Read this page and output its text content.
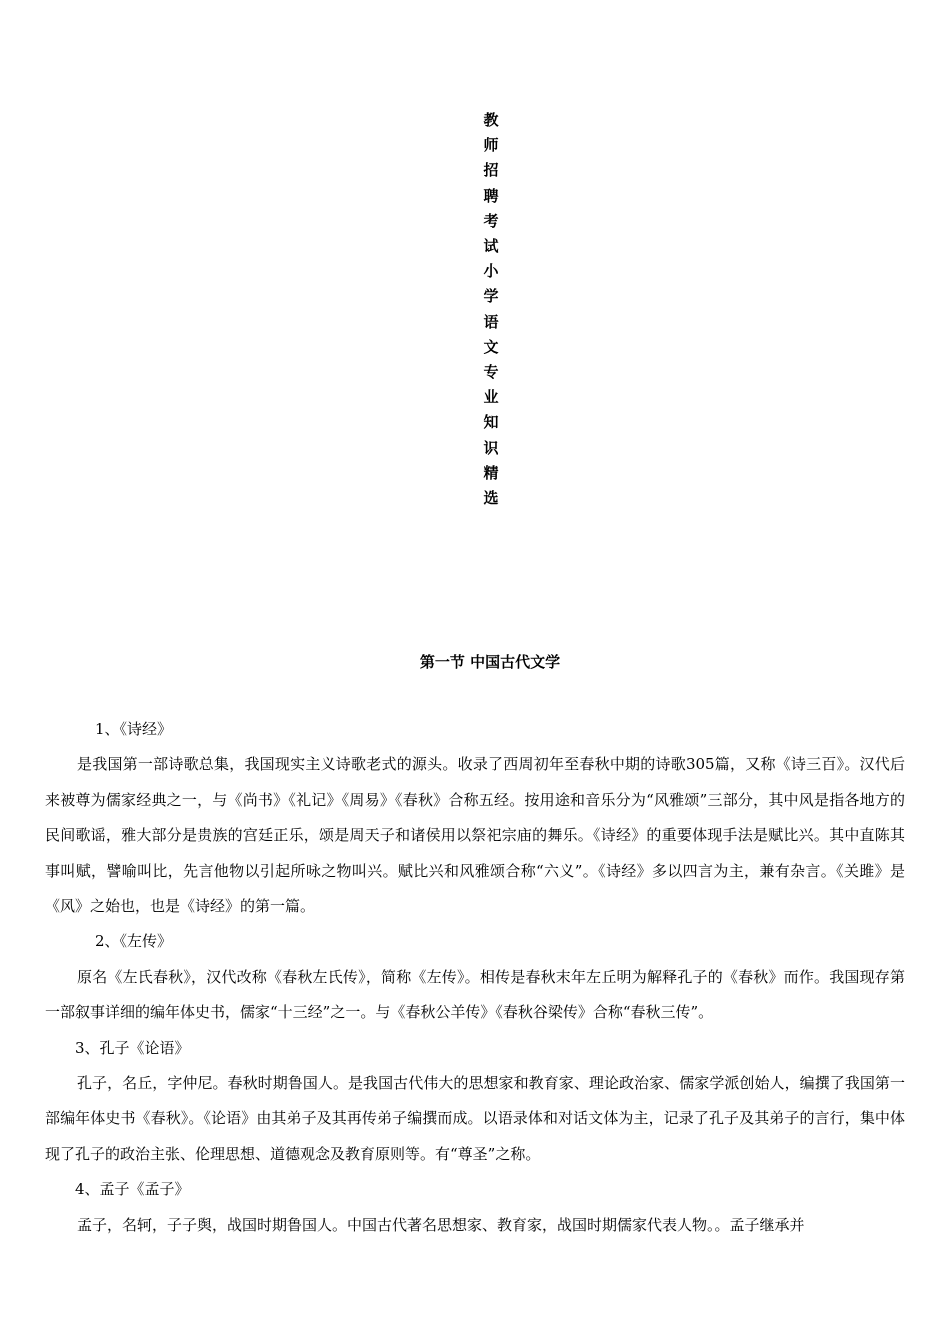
教师招聘考试小学语文专业知识精选
第一节 中国古代文学

1、《诗经》

是我国第一部诗歌总集，我国现实主义诗歌老式的源头。收录了西周初年至春秋中期的诗歌305篇，又称《诗三百》。汉代后来被尊为儒家经典之一，与《尚书》《礼记》《周易》《春秋》合称五经。按用途和音乐分为“风雅颂”三部分，其中风是指各地方的民间歌谣，雅大部分是贵族的宫廷正乐，颂是周天子和诸侯用以祭祀宗庙的舞乐。《诗经》的重要体现手法是赋比兴。其中直陈其事叫赋，譬喻叫比，先言他物以引起所咏之物叫兴。赋比兴和风雅颂合称“六义”。《诗经》多以四言为主，兼有杂言。《关雎》是《风》之始也，也是《诗经》的第一篇。

2、《左传》

原名《左氏春秋》，汉代改称《春秋左氏传》，简称《左传》。相传是春秋末年左丘明为解释孔子的《春秋》而作。我国现存第一部叙事详细的编年体史书，儒家“十三经”之一。与《春秋公羊传》《春秋谷梁传》合称“春秋三传”。

3、孔子《论语》

孔子，名丘，字仲尼。春秋时期鲁国人。是我国古代伟大的思想家和教育家、理论政治家、儒家学派创始人，编撰了我国第一部编年体史书《春秋》。《论语》由其弟子及其再传弟子编撰而成。以语录体和对话文体为主，记录了孔子及其弟子的言行，集中体现了孔子的政治主张、伦理思想、道德观念及教育原则等。有“尊圣”之称。

4、孟子《孟子》

孟子，名轲，子子舆，战国时期鲁国人。中国古代著名思想家、教育家，战国时期儒家代表人物。。孟子继承并
